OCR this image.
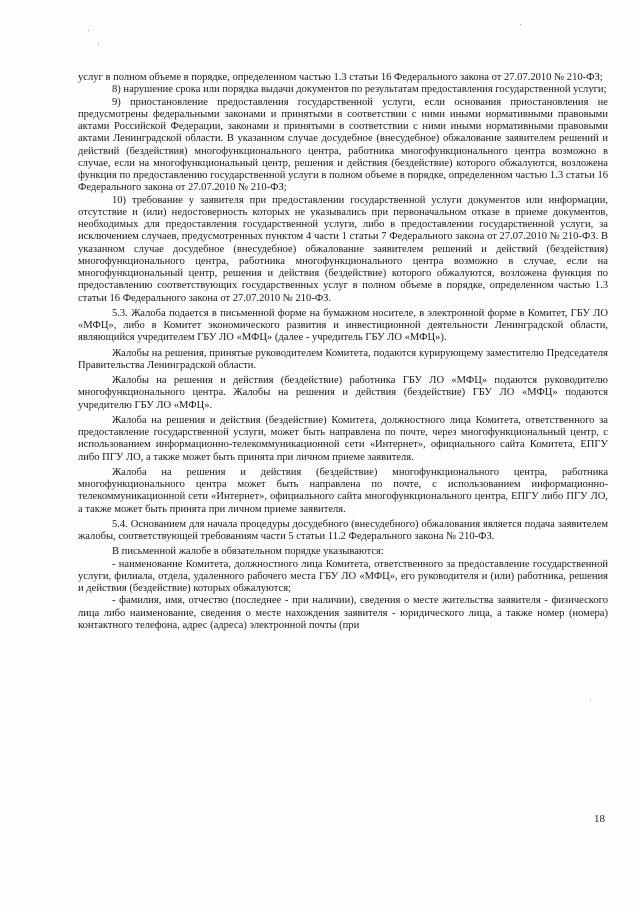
услуг в полном объеме в порядке, определенном частью 1.3 статьи 16 Федерального закона от 27.07.2010 № 210-ФЗ;

8) нарушение срока или порядка выдачи документов по результатам предоставления государственной услуги;

9) приостановление предоставления государственной услуги, если основания приостановления не предусмотрены федеральными законами и принятыми в соответствии с ними иными нормативными правовыми актами Российской Федерации, законами и принятыми в соответствии с ними иными нормативными правовыми актами Ленинградской области. В указанном случае досудебное (внесудебное) обжалование заявителем решений и действий (бездействия) многофункционального центра, работника многофункционального центра возможно в случае, если на многофункциональный центр, решения и действия (бездействие) которого обжалуются, возложена функция по предоставлению государственной услуги в полном объеме в порядке, определенном частью 1.3 статьи 16 Федерального закона от 27.07.2010 № 210-ФЗ;

10) требование у заявителя при предоставлении государственной услуги документов или информации, отсутствие и (или) недостоверность которых не указывались при первоначальном отказе в приеме документов, необходимых для предоставления государственной услуги, либо в предоставлении государственной услуги, за исключением случаев, предусмотренных пунктом 4 части 1 статьи 7 Федерального закона от 27.07.2010 № 210-ФЗ. В указанном случае досудебное (внесудебное) обжалование заявителем решений и действий (бездействия) многофункционального центра, работника многофункционального центра возможно в случае, если на многофункциональный центр, решения и действия (бездействие) которого обжалуются, возложена функция по предоставлению соответствующих государственных услуг в полном объеме в порядке, определенном частью 1.3 статьи 16 Федерального закона от 27.07.2010 № 210-ФЗ.

5.3. Жалоба подается в письменной форме на бумажном носителе, в электронной форме в Комитет, ГБУ ЛО «МФЦ», либо в Комитет экономического развития и инвестиционной деятельности Ленинградской области, являющийся учредителем ГБУ ЛО «МФЦ» (далее - учредитель ГБУ ЛО «МФЦ»).

Жалобы на решения, принятые руководителем Комитета, подаются курирующему заместителю Председателя Правительства Ленинградской области.

Жалобы на решения и действия (бездействие) работника ГБУ ЛО «МФЦ» подаются руководителю многофункционального центра. Жалобы на решения и действия (бездействие) ГБУ ЛО «МФЦ» подаются учредителю ГБУ ЛО «МФЦ».

Жалоба на решения и действия (бездействие) Комитета, должностного лица Комитета, ответственного за предоставление государственной услуги, может быть направлена по почте, через многофункциональный центр, с использованием информационно-телекоммуникационной сети «Интернет», официального сайта Комитета, ЕПГУ либо ПГУ ЛО, а также может быть принята при личном приеме заявителя.

Жалоба на решения и действия (бездействие) многофункционального центра, работника многофункционального центра может быть направлена по почте, с использованием информационно-телекоммуникационной сети «Интернет», официального сайта многофункционального центра, ЕПГУ либо ПГУ ЛО, а также может быть принята при личном приеме заявителя.

5.4. Основанием для начала процедуры досудебного (внесудебного) обжалования является подача заявителем жалобы, соответствующей требованиям части 5 статьи 11.2 Федерального закона № 210-ФЗ.

В письменной жалобе в обязательном порядке указываются:

- наименование Комитета, должностного лица Комитета, ответственного за предоставление государственной услуги, филиала, отдела, удаленного рабочего места ГБУ ЛО «МФЦ», его руководителя и (или) работника, решения и действия (бездействие) которых обжалуются;

- фамилия, имя, отчество (последнее - при наличии), сведения о месте жительства заявителя - физического лица либо наименование, сведения о месте нахождения заявителя - юридического лица, а также номер (номера) контактного телефона, адрес (адреса) электронной почты (при

18
